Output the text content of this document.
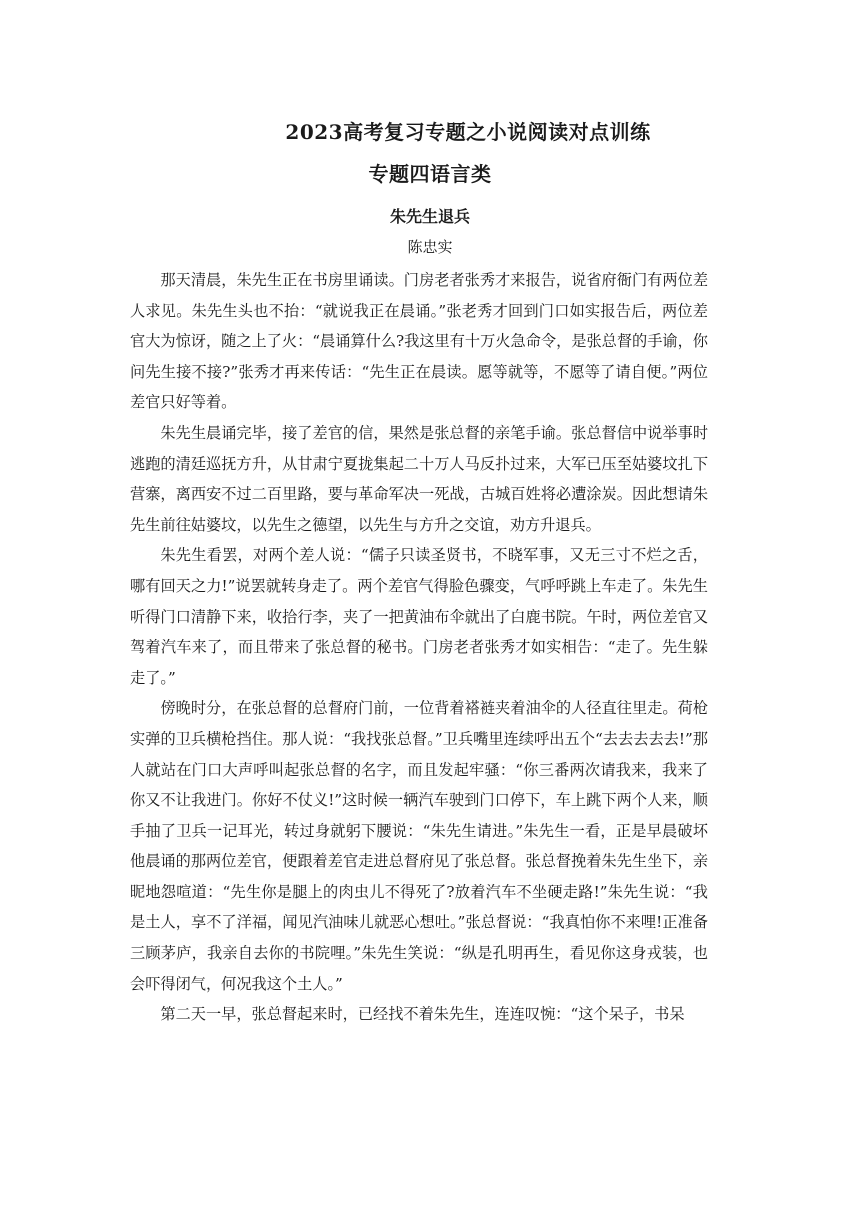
2023高考复习专题之小说阅读对点训练
专题四语言类
朱先生退兵
陈忠实

那天清晨，朱先生正在书房里诵读。门房老者张秀才来报告，说省府衙门有两位差人求见。朱先生头也不抬：“就说我正在晨诵。”张老秀才回到门口如实报告后，两位差官大为惊讶，随之上了火：“晨诵算什么?我这里有十万火急命令，是张总督的手谕，你问先生接不接?”张秀才再来传话：“先生正在晨读。愿等就等，不愿等了请自便。”两位差官只好等着。

朱先生晨诵完毕，接了差官的信，果然是张总督的亲笔手谕。张总督信中说举事时逃跑的清廷巡抚方升，从甘肃宁夏拢集起二十万人马反扑过来，大军已压至姑婆坟扎下营寨，离西安不过二百里路，要与革命军决一死战，古城百姓将必遭涂炭。因此想请朱先生前往姑婆坟，以先生之德望，以先生与方升之交谊，劝方升退兵。

朱先生看罢，对两个差人说：“儒子只读圣贤书，不晓军事，又无三寸不烂之舌，哪有回天之力!”说罢就转身走了。两个差官气得脸色骤变，气呼呼跳上车走了。朱先生听得门口清静下来，收拾行李，夹了一把黄油布伞就出了白鹿书院。午时，两位差官又驾着汽车来了，而且带来了张总督的秘书。门房老者张秀才如实相告：“走了。先生躲走了。”

傍晚时分，在张总督的总督府门前，一位背着褡裢夹着油伞的人径直往里走。荷枪实弹的卫兵横枪挡住。那人说：“我找张总督。”卫兵嘴里连续呼出五个“去去去去去!”那人就站在门口大声呼叫起张总督的名字，而且发起牢骚：“你三番两次请我来，我来了你又不让我进门。你好不仗义!”这时候一辆汽车驶到门口停下，车上跳下两个人来，顺手抽了卫兵一记耳光，转过身就躬下腰说：“朱先生请进。”朱先生一看，正是早晨破坏他晨诵的那两位差官，便跟着差官走进总督府见了张总督。张总督挽着朱先生坐下，亲昵地怨喧道：“先生你是腿上的肉虫儿不得死了?放着汽车不坐硬走路!”朱先生说：“我是土人，享不了洋福，闻见汽油味儿就恶心想吐。”张总督说：“我真怕你不来哩!正准备三顾茅庐，我亲自去你的书院哩。”朱先生笑说：“纵是孔明再生，看见你这身戎装，也会吓得闭气，何况我这个土人。”

第二天一早，张总督起来时，已经找不着朱先生，连连叹惋：“这个呆子，书呆
